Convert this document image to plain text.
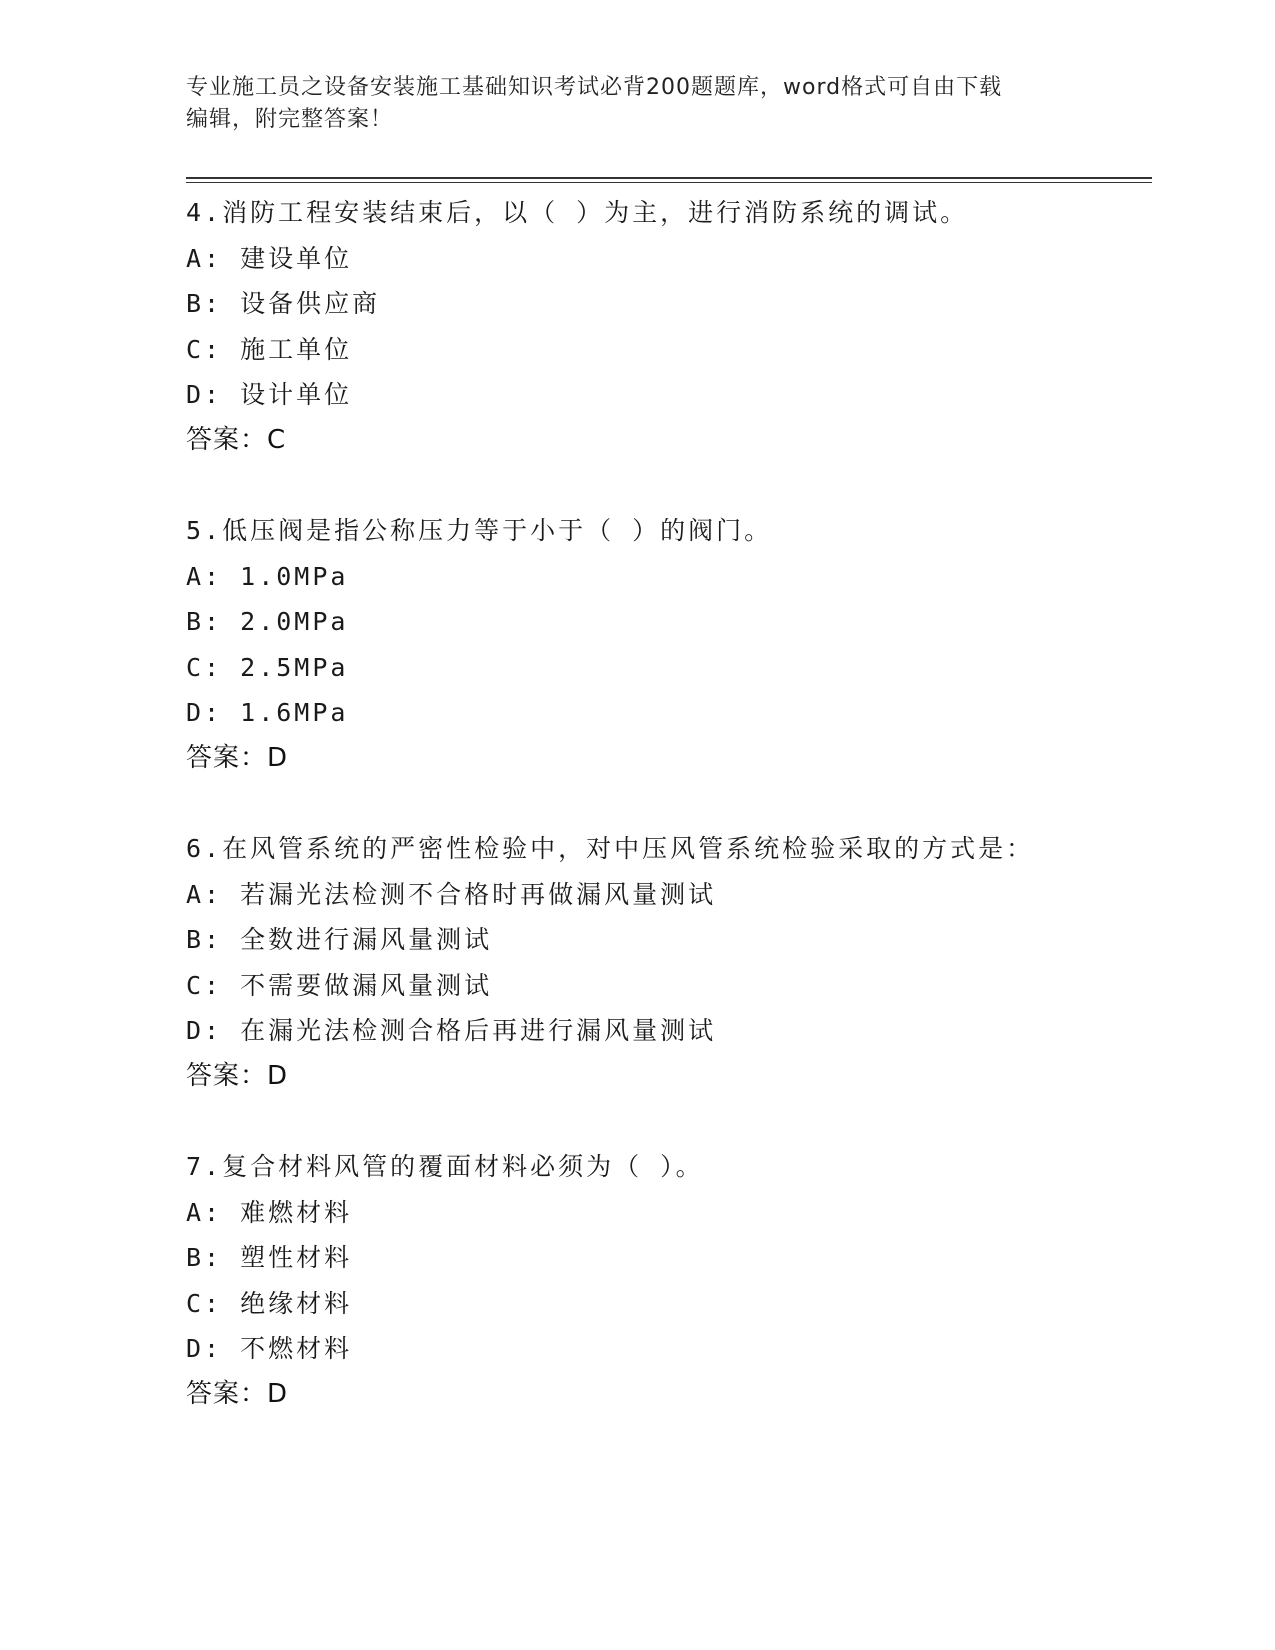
专业施工员之设备安装施工基础知识考试必背200题题库，word格式可自由下载
编辑，附完整答案！
4.消防工程安装结束后，以（ ）为主，进行消防系统的调试。
A: 建设单位
B: 设备供应商
C: 施工单位
D: 设计单位
答案：C
5.低压阀是指公称压力等于小于（ ）的阀门。
A: 1.0MPa
B: 2.0MPa
C: 2.5MPa
D: 1.6MPa
答案：D
6.在风管系统的严密性检验中，对中压风管系统检验采取的方式是：
A: 若漏光法检测不合格时再做漏风量测试
B: 全数进行漏风量测试
C: 不需要做漏风量测试
D: 在漏光法检测合格后再进行漏风量测试
答案：D
7.复合材料风管的覆面材料必须为（ ）。
A: 难燃材料
B: 塑性材料
C: 绝缘材料
D: 不燃材料
答案：D
